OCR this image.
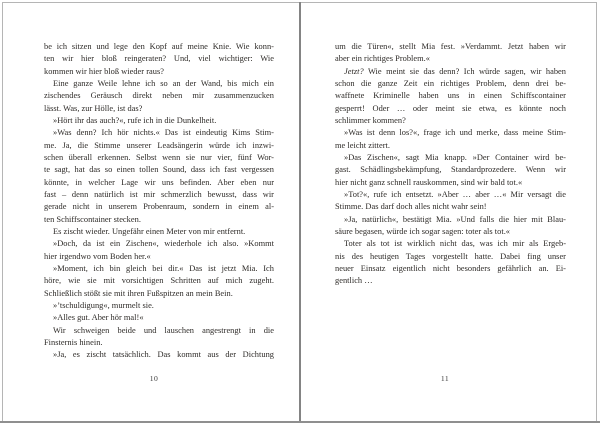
be ich sitzen und lege den Kopf auf meine Knie. Wie konn-
ten wir hier bloß reingeraten? Und, viel wichtiger: Wie
kommen wir hier bloß wieder raus?
Eine ganze Weile lehne ich so an der Wand, bis mich ein
zischendes Geräusch direkt neben mir zusammenzucken
lässt. Was, zur Hölle, ist das?
»Hört ihr das auch?«, rufe ich in die Dunkelheit.
»Was denn? Ich hör nichts.« Das ist eindeutig Kims Stim-
me. Ja, die Stimme unserer Leadsängerin würde ich inzwi-
schen überall erkennen. Selbst wenn sie nur vier, fünf Wor-
te sagt, hat das so einen tollen Sound, dass ich fast vergessen
könnte, in welcher Lage wir uns befinden. Aber eben nur
fast – denn natürlich ist mir schmerzlich bewusst, dass wir
gerade nicht in unserem Probenraum, sondern in einem al-
ten Schiffscontainer stecken.
Es zischt wieder. Ungefähr einen Meter von mir entfernt.
»Doch, da ist ein Zischen«, wiederhole ich also. »Kommt
hier irgendwo vom Boden her.«
»Moment, ich bin gleich bei dir.« Das ist jetzt Mia. Ich
höre, wie sie mit vorsichtigen Schritten auf mich zugeht.
Schließlich stößt sie mit ihren Fußspitzen an mein Bein.
»’tschuldigung«, murmelt sie.
»Alles gut. Aber hör mal!«
Wir schweigen beide und lauschen angestrengt in die
Finsternis hinein.
»Ja, es zischt tatsächlich. Das kommt aus der Dichtung
um die Türen«, stellt Mia fest. »Verdammt. Jetzt haben wir
aber ein richtiges Problem.«
Jetzt? Wie meint sie das denn? Ich würde sagen, wir haben
schon die ganze Zeit ein richtiges Problem, denn drei be-
waffnete Kriminelle haben uns in einen Schiffscontainer
gesperrt! Oder … oder meint sie etwa, es könnte noch
schlimmer kommen?
»Was ist denn los?«, frage ich und merke, dass meine Stim-
me leicht zittert.
»Das Zischen«, sagt Mia knapp. »Der Container wird be-
gast. Schädlingsbekämpfung, Standardprozedere. Wenn wir
hier nicht ganz schnell rauskommen, sind wir bald tot.«
»Tot?«, rufe ich entsetzt. »Aber … aber …« Mir versagt die
Stimme. Das darf doch alles nicht wahr sein!
»Ja, natürlich«, bestätigt Mia. »Und falls die hier mit Blau-
säure begasen, würde ich sogar sagen: toter als tot.«
Toter als tot ist wirklich nicht das, was ich mir als Ergeb-
nis des heutigen Tages vorgestellt hatte. Dabei fing unser
neuer Einsatz eigentlich nicht besonders gefährlich an. Ei-
gentlich …
10	11
